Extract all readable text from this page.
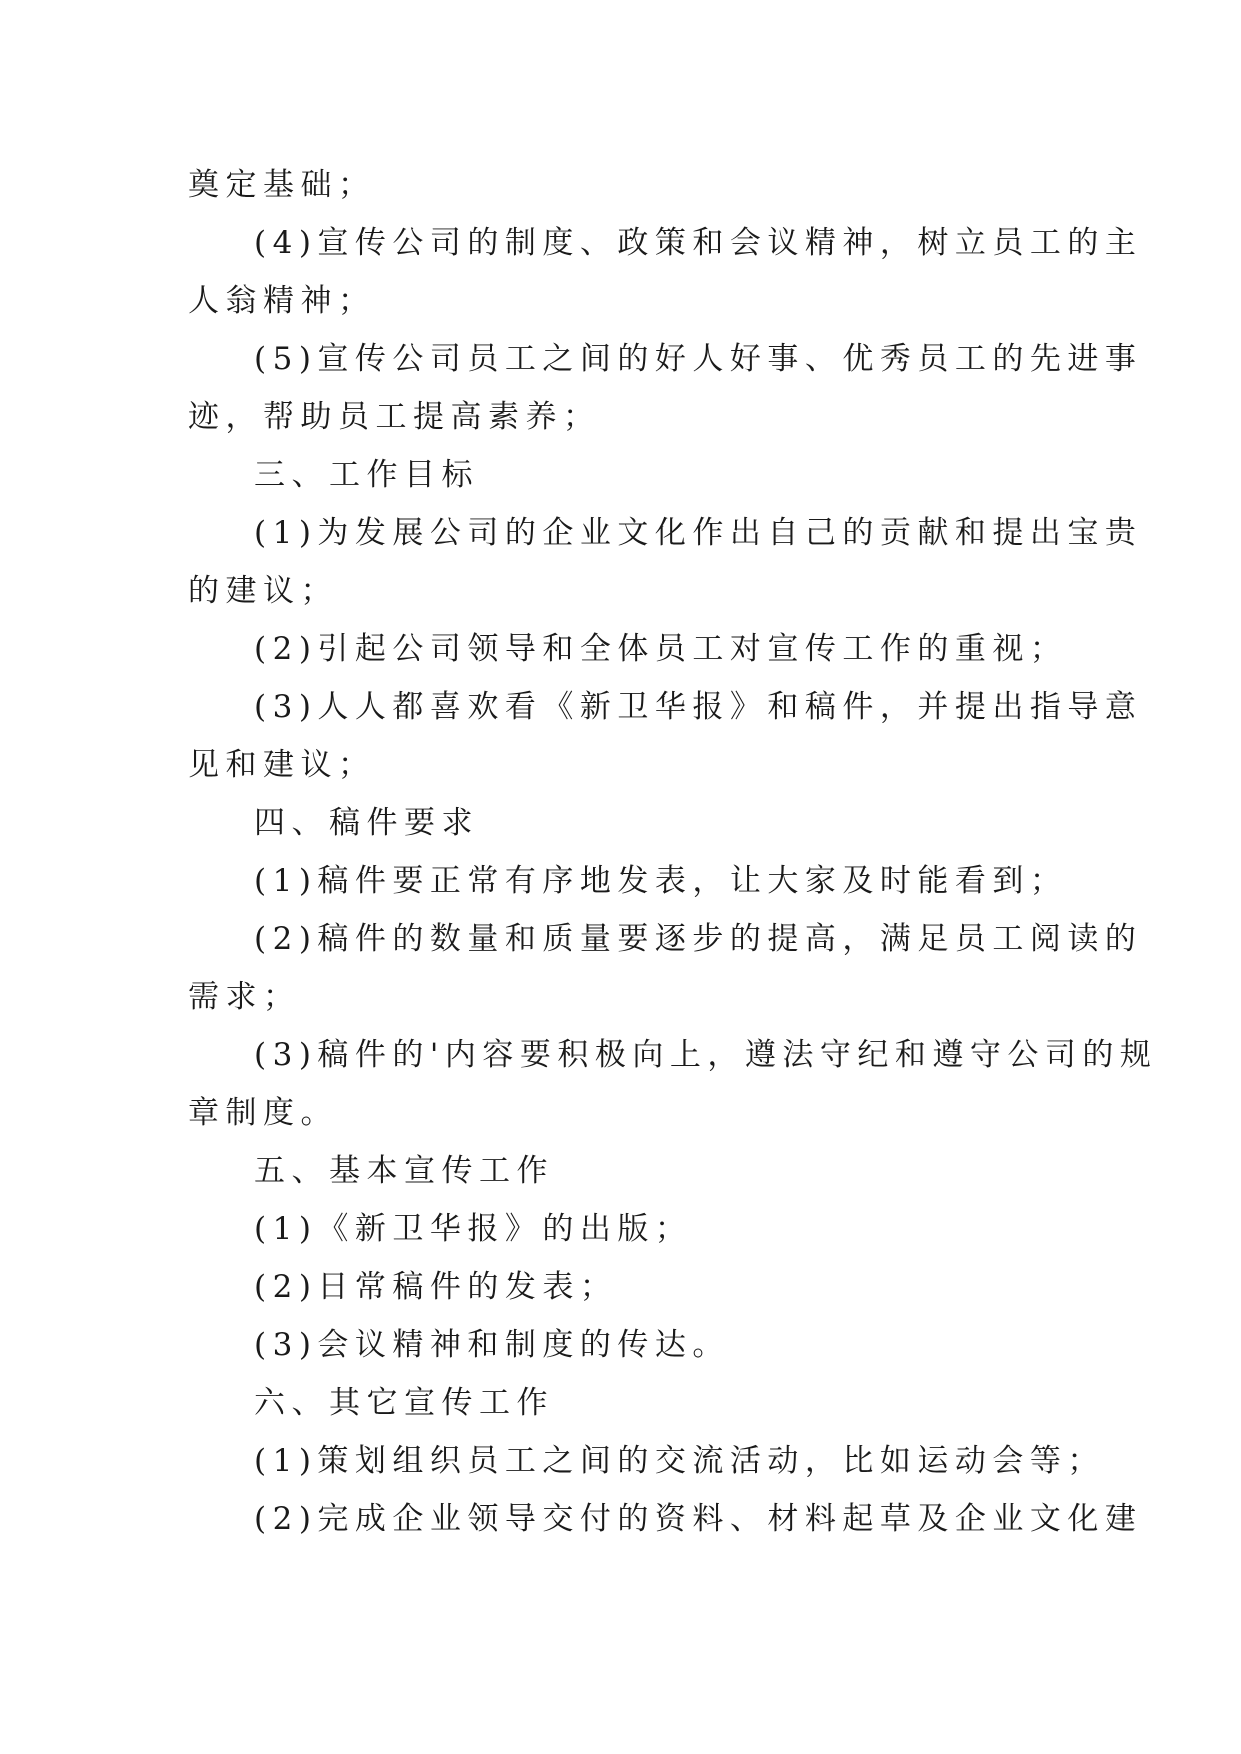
奠定基础；
(4)宣传公司的制度、政策和会议精神，树立员工的主
人翁精神；
(5)宣传公司员工之间的好人好事、优秀员工的先进事
迹，帮助员工提高素养；
三、工作目标
(1)为发展公司的企业文化作出自己的贡献和提出宝贵
的建议；
(2)引起公司领导和全体员工对宣传工作的重视；
(3)人人都喜欢看《新卫华报》和稿件，并提出指导意
见和建议；
四、稿件要求
(1)稿件要正常有序地发表，让大家及时能看到；
(2)稿件的数量和质量要逐步的提高，满足员工阅读的
需求；
(3)稿件的'内容要积极向上，遵法守纪和遵守公司的规
章制度。
五、基本宣传工作
(1)《新卫华报》的出版；
(2)日常稿件的发表；
(3)会议精神和制度的传达。
六、其它宣传工作
(1)策划组织员工之间的交流活动，比如运动会等；
(2)完成企业领导交付的资料、材料起草及企业文化建
